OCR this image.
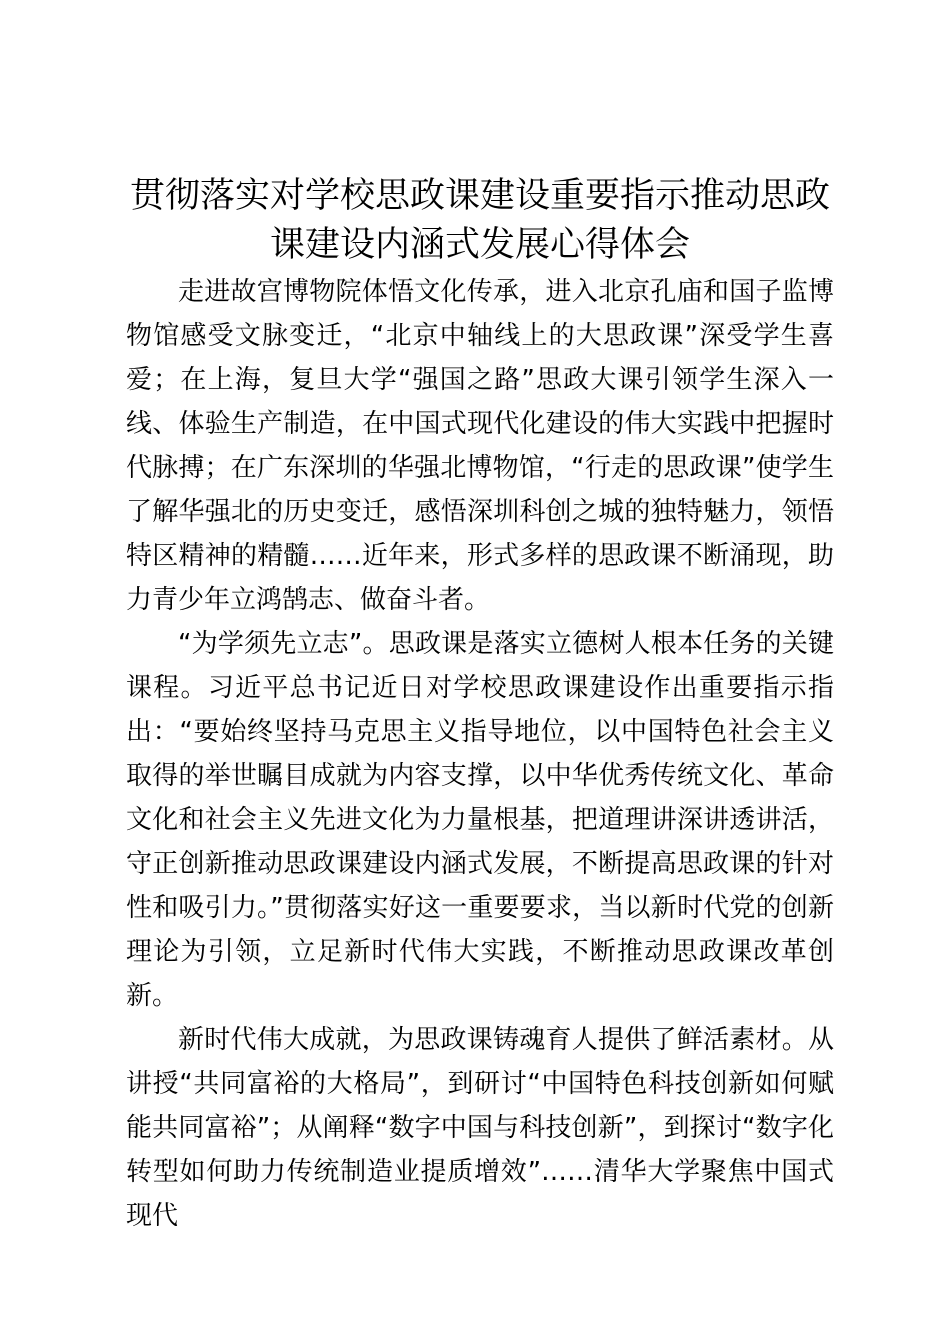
贯彻落实对学校思政课建设重要指示推动思政课建设内涵式发展心得体会

走进故宫博物院体悟文化传承，进入北京孔庙和国子监博物馆感受文脉变迁，“北京中轴线上的大思政课”深受学生喜爱；在上海，复旦大学“强国之路”思政大课引领学生深入一线、体验生产制造，在中国式现代化建设的伟大实践中把握时代脉搏；在广东深圳的华强北博物馆，“行走的思政课”使学生了解华强北的历史变迁，感悟深圳科创之城的独特魅力，领悟特区精神的精髓……近年来，形式多样的思政课不断涌现，助力青少年立鸿鹄志、做奋斗者。

“为学须先立志”。思政课是落实立德树人根本任务的关键课程。习近平总书记近日对学校思政课建设作出重要指示指出：“要始终坚持马克思主义指导地位，以中国特色社会主义取得的举世瞩目成就为内容支撑，以中华优秀传统文化、革命文化和社会主义先进文化为力量根基，把道理讲深讲透讲活，守正创新推动思政课建设内涵式发展，不断提高思政课的针对性和吸引力。”贯彻落实好这一重要要求，当以新时代党的创新理论为引领，立足新时代伟大实践，不断推动思政课改革创新。

新时代伟大成就，为思政课铸魂育人提供了鲜活素材。从讲授“共同富裕的大格局”，到研讨“中国特色科技创新如何赋能共同富裕”；从阐释“数字中国与科技创新”，到探讨“数字化转型如何助力传统制造业提质增效”……清华大学聚焦中国式现代
